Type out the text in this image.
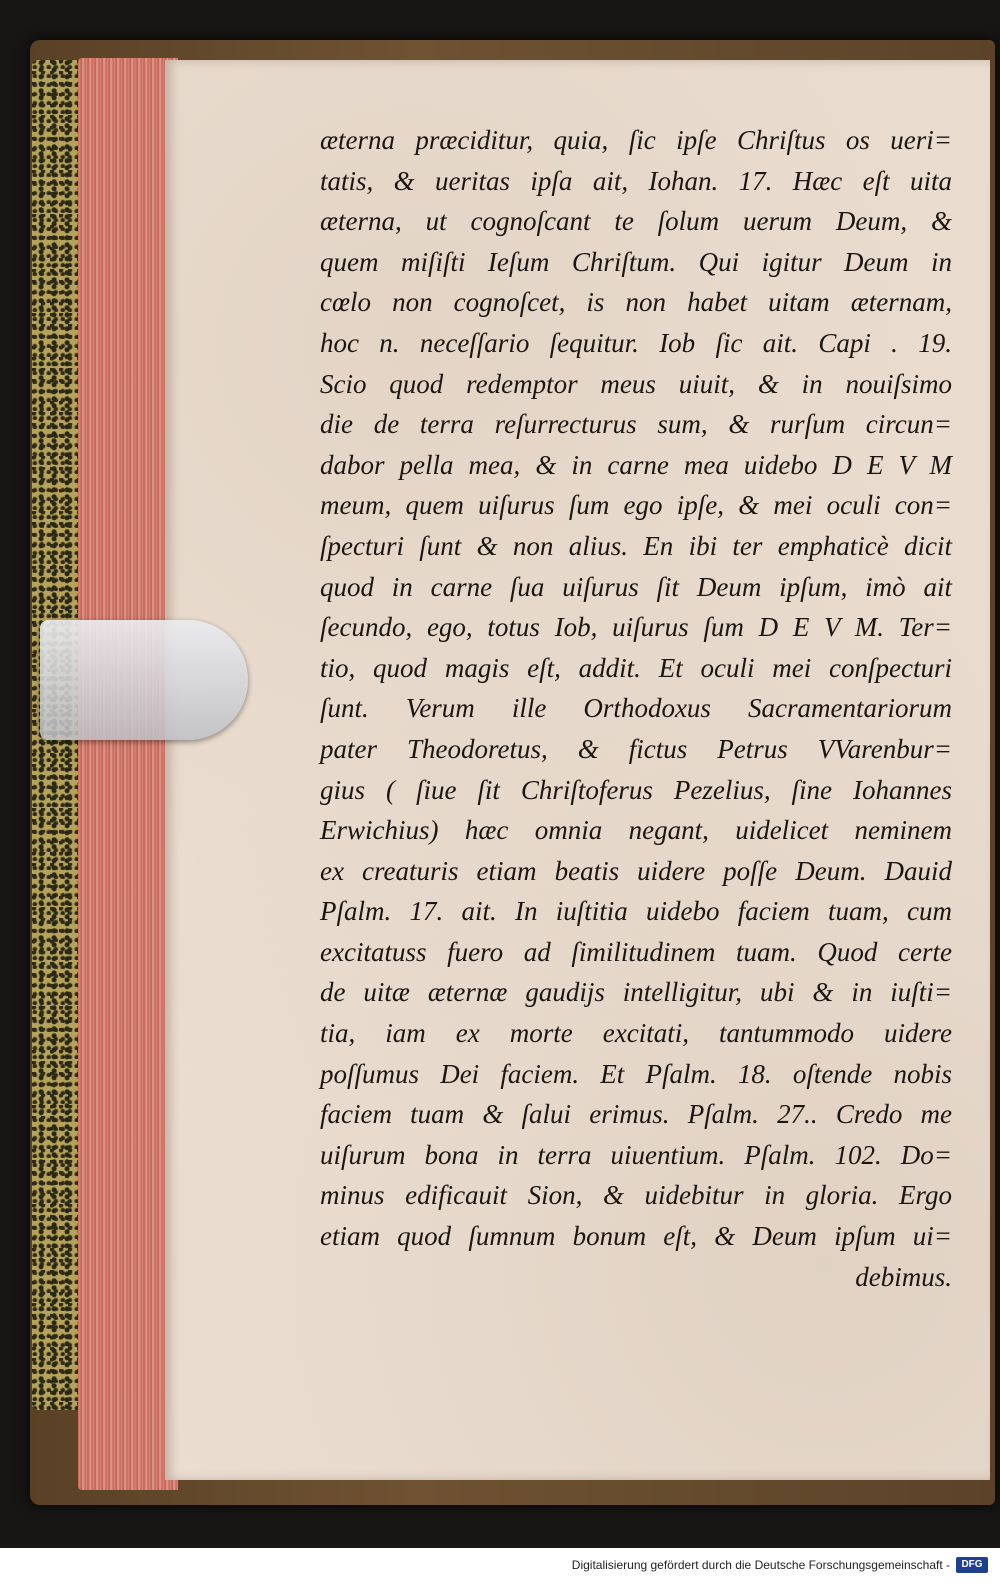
æterna præciditur, quia, ſic ipſe Chriſtus os ueri=
tatis, & ueritas ipſa ait, Iohan. 17. Hæc eſt uita
æterna, ut cognoſcant te ſolum uerum Deum, &
quem miſiſti Ieſum Chriſtum. Qui igitur Deum in
cœlo non cognoſcet, is non habet uitam æternam,
hoc n. neceſſario ſequitur. Iob ſic ait. Capi . 19.
Scio quod redemptor meus uiuit, & in nouiſsimo
die de terra reſurrecturus sum, & rurſum circun=
dabor pella mea, & in carne mea uidebo D E V M
meum, quem uiſurus ſum ego ipſe, & mei oculi con=
ſpecturi ſunt & non alius. En ibi ter emphaticè dicit
quod in carne ſua uiſurus ſit Deum ipſum, imò ait
ſecundo, ego, totus Iob, uiſurus ſum D E V M. Ter=
tio, quod magis eſt, addit. Et oculi mei conſpecturi
ſunt. Verum ille Orthodoxus Sacramentariorum
pater Theodoretus, & fictus Petrus VVarenbur=
gius ( ſiue ſit Chriſtoferus Pezelius, ſine Iohannes
Erwichius) hæc omnia negant, uidelicet neminem
ex creaturis etiam beatis uidere poſſe Deum. Dauid
Pſalm. 17. ait. In iuſtitia uidebo faciem tuam, cum
excitatuss fuero ad ſimilitudinem tuam. Quod certe
de uitæ æternæ gaudijs intelligitur, ubi & in iuſti=
tia, iam ex morte excitati, tantummodo uidere
poſſumus Dei faciem. Et Pſalm. 18. oſtende nobis
faciem tuam & ſalui erimus. Pſalm. 27.. Credo me
uiſurum bona in terra uiuentium. Pſalm. 102. Do=
minus edificauit Sion, & uidebitur in gloria. Ergo
etiam quod ſumnum bonum eſt, & Deum ipſum ui=
debimus.
Digitalisierung gefördert durch die Deutsche Forschungsgemeinschaft -	DFG
